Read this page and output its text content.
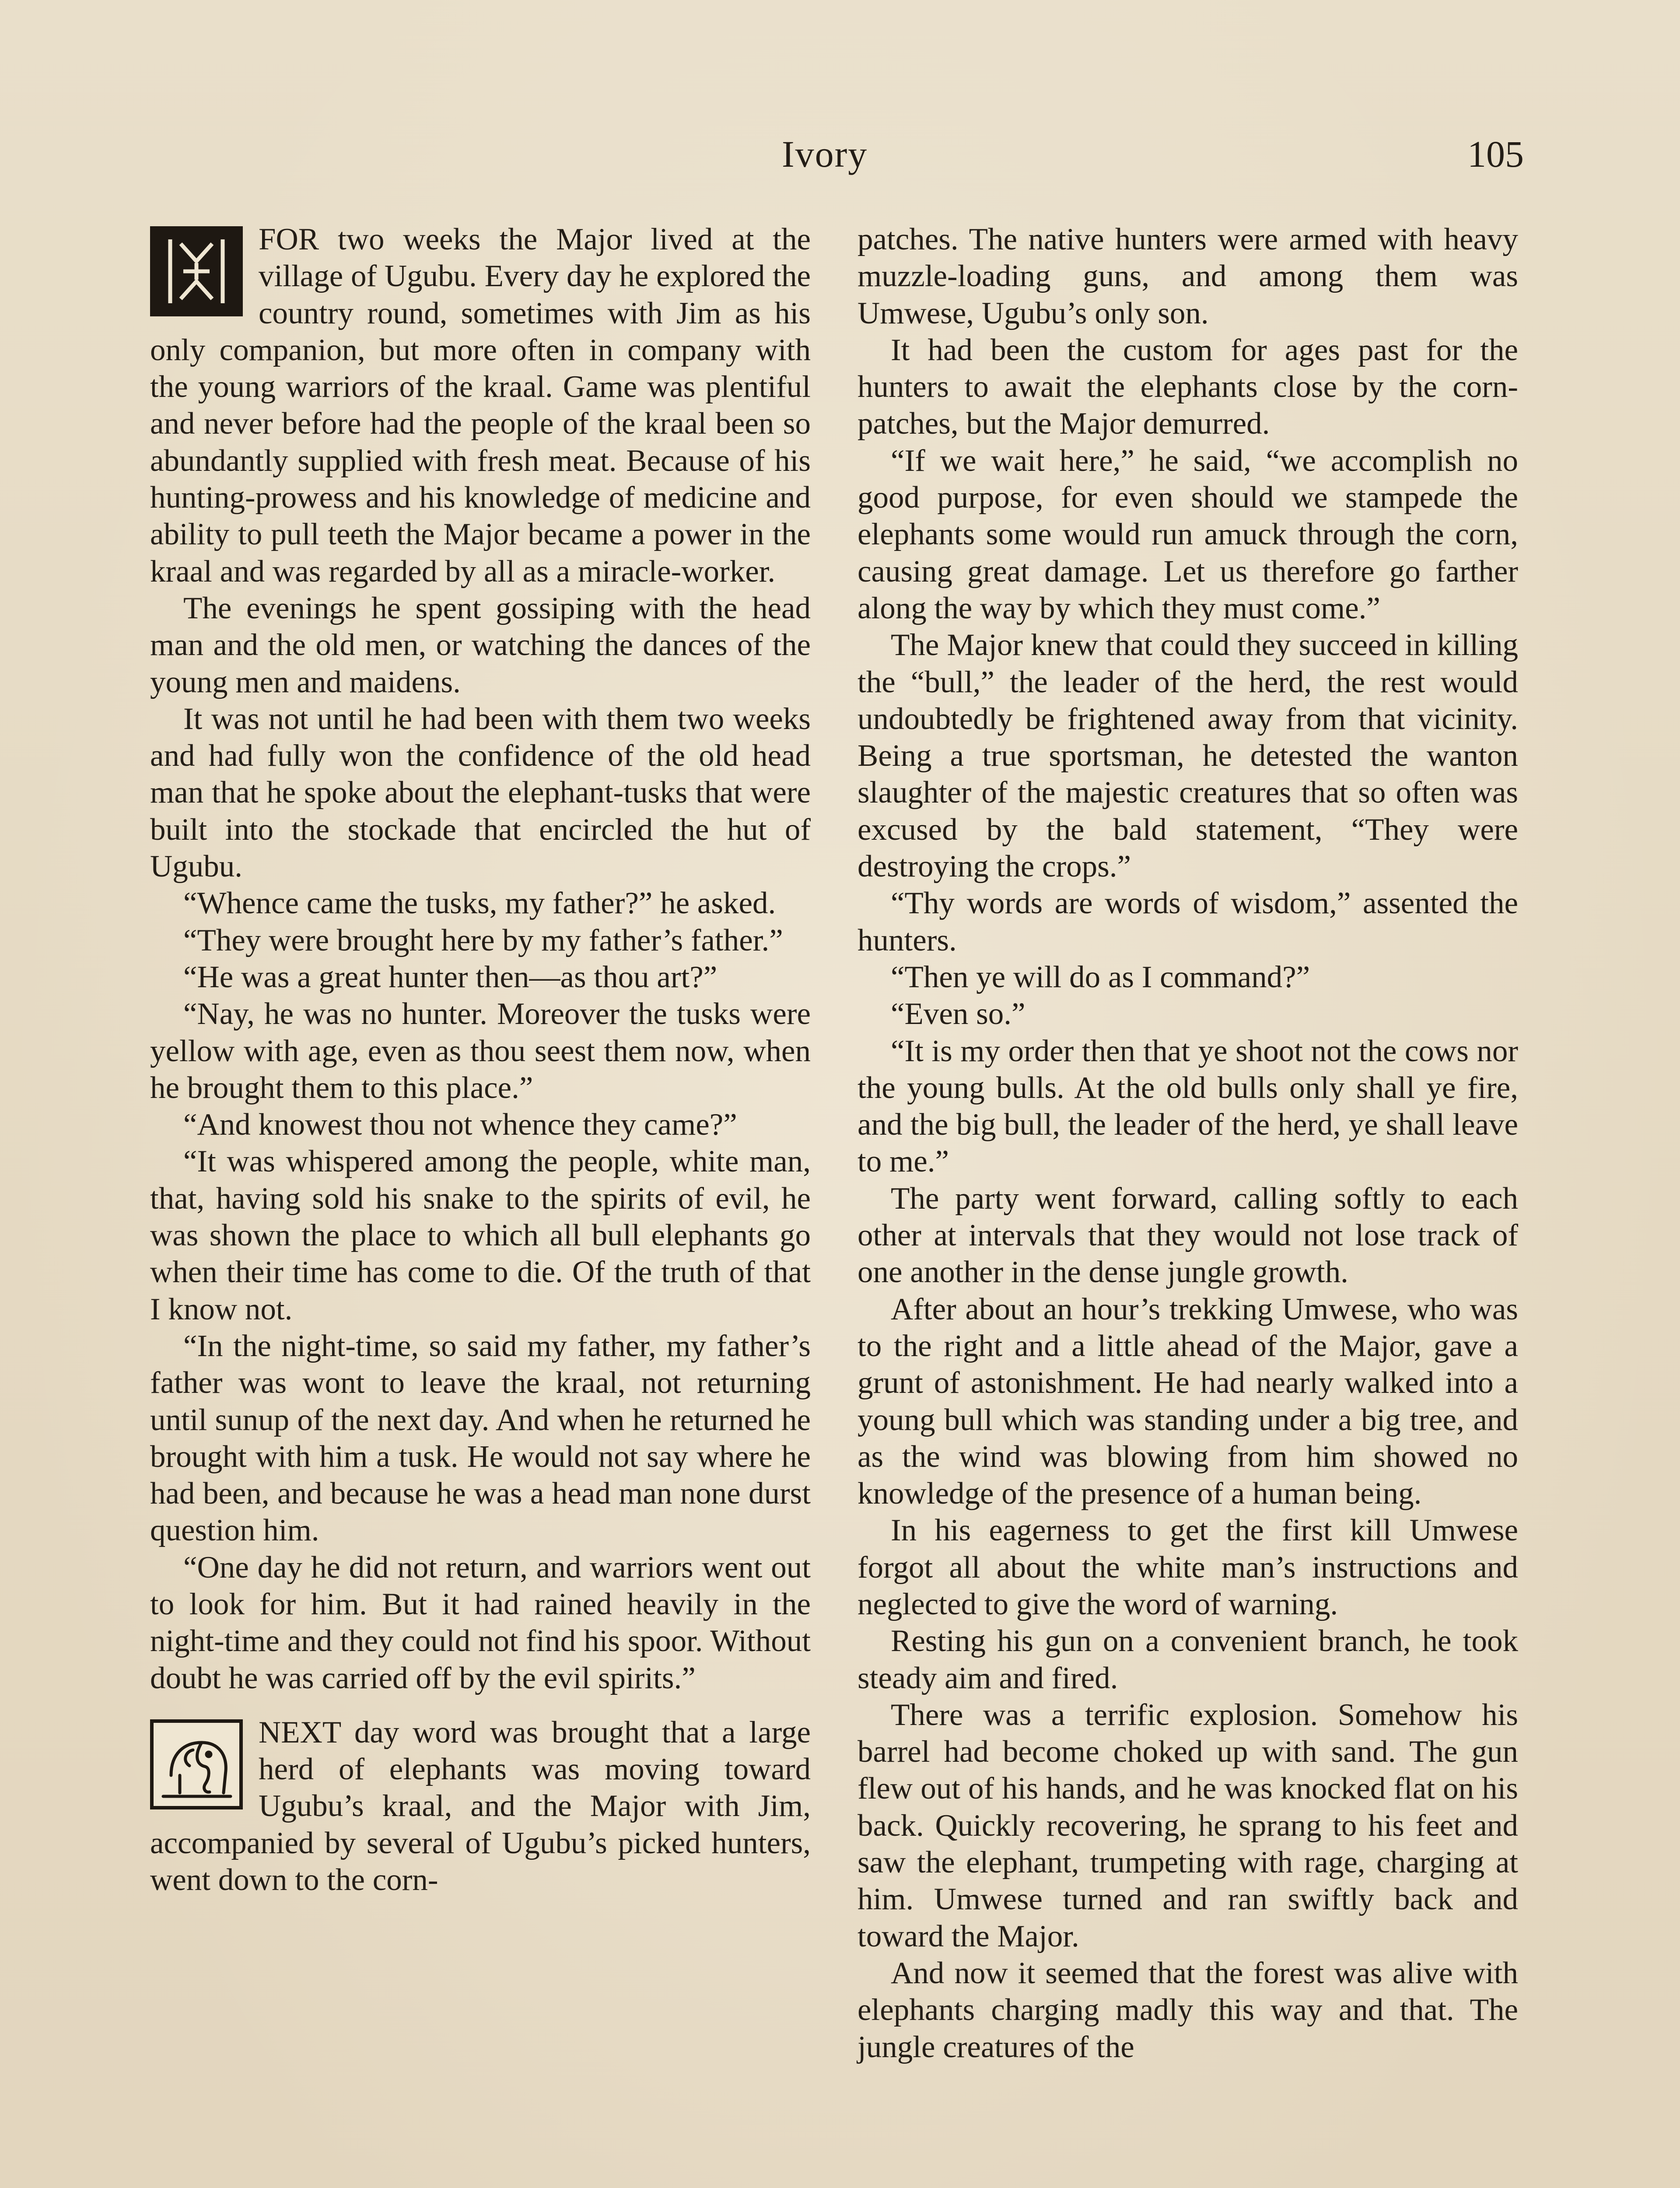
Ivory	105

FOR two weeks the Major lived at the village of Ugubu. Every day he explored the country round, sometimes with Jim as his only companion, but more often in company with the young warriors of the kraal. Game was plentiful and never before had the people of the kraal been so abundantly supplied with fresh meat. Because of his hunting-prowess and his knowledge of medicine and ability to pull teeth the Major became a power in the kraal and was regarded by all as a miracle-worker.

The evenings he spent gossiping with the head man and the old men, or watching the dances of the young men and maidens.

It was not until he had been with them two weeks and had fully won the confidence of the old head man that he spoke about the elephant-tusks that were built into the stockade that encircled the hut of Ugubu.

“Whence came the tusks, my father?” he asked.

“They were brought here by my father’s father.”

“He was a great hunter then—as thou art?”

“Nay, he was no hunter. Moreover the tusks were yellow with age, even as thou seest them now, when he brought them to this place.”

“And knowest thou not whence they came?”

“It was whispered among the people, white man, that, having sold his snake to the spirits of evil, he was shown the place to which all bull elephants go when their time has come to die. Of the truth of that I know not.

“In the night-time, so said my father, my father’s father was wont to leave the kraal, not returning until sunup of the next day. And when he returned he brought with him a tusk. He would not say where he had been, and because he was a head man none durst question him.

“One day he did not return, and warriors went out to look for him. But it had rained heavily in the night-time and they could not find his spoor. Without doubt he was carried off by the evil spirits.”

NEXT day word was brought that a large herd of elephants was moving toward Ugubu’s kraal, and the Major with Jim, accompanied by several of Ugubu’s picked hunters, went down to the corn-

patches. The native hunters were armed with heavy muzzle-loading guns, and among them was Umwese, Ugubu’s only son.

It had been the custom for ages past for the hunters to await the elephants close by the corn-patches, but the Major demurred.

“If we wait here,” he said, “we accomplish no good purpose, for even should we stampede the elephants some would run amuck through the corn, causing great damage. Let us therefore go farther along the way by which they must come.”

The Major knew that could they succeed in killing the “bull,” the leader of the herd, the rest would undoubtedly be frightened away from that vicinity. Being a true sportsman, he detested the wanton slaughter of the majestic creatures that so often was excused by the bald statement, “They were destroying the crops.”

“Thy words are words of wisdom,” assented the hunters.

“Then ye will do as I command?”

“Even so.”

“It is my order then that ye shoot not the cows nor the young bulls. At the old bulls only shall ye fire, and the big bull, the leader of the herd, ye shall leave to me.”

The party went forward, calling softly to each other at intervals that they would not lose track of one another in the dense jungle growth.

After about an hour’s trekking Umwese, who was to the right and a little ahead of the Major, gave a grunt of astonishment. He had nearly walked into a young bull which was standing under a big tree, and as the wind was blowing from him showed no knowledge of the presence of a human being.

In his eagerness to get the first kill Umwese forgot all about the white man’s instructions and neglected to give the word of warning.

Resting his gun on a convenient branch, he took steady aim and fired.

There was a terrific explosion. Somehow his barrel had become choked up with sand. The gun flew out of his hands, and he was knocked flat on his back. Quickly recovering, he sprang to his feet and saw the elephant, trumpeting with rage, charging at him. Umwese turned and ran swiftly back and toward the Major.

And now it seemed that the forest was alive with elephants charging madly this way and that. The jungle creatures of the
